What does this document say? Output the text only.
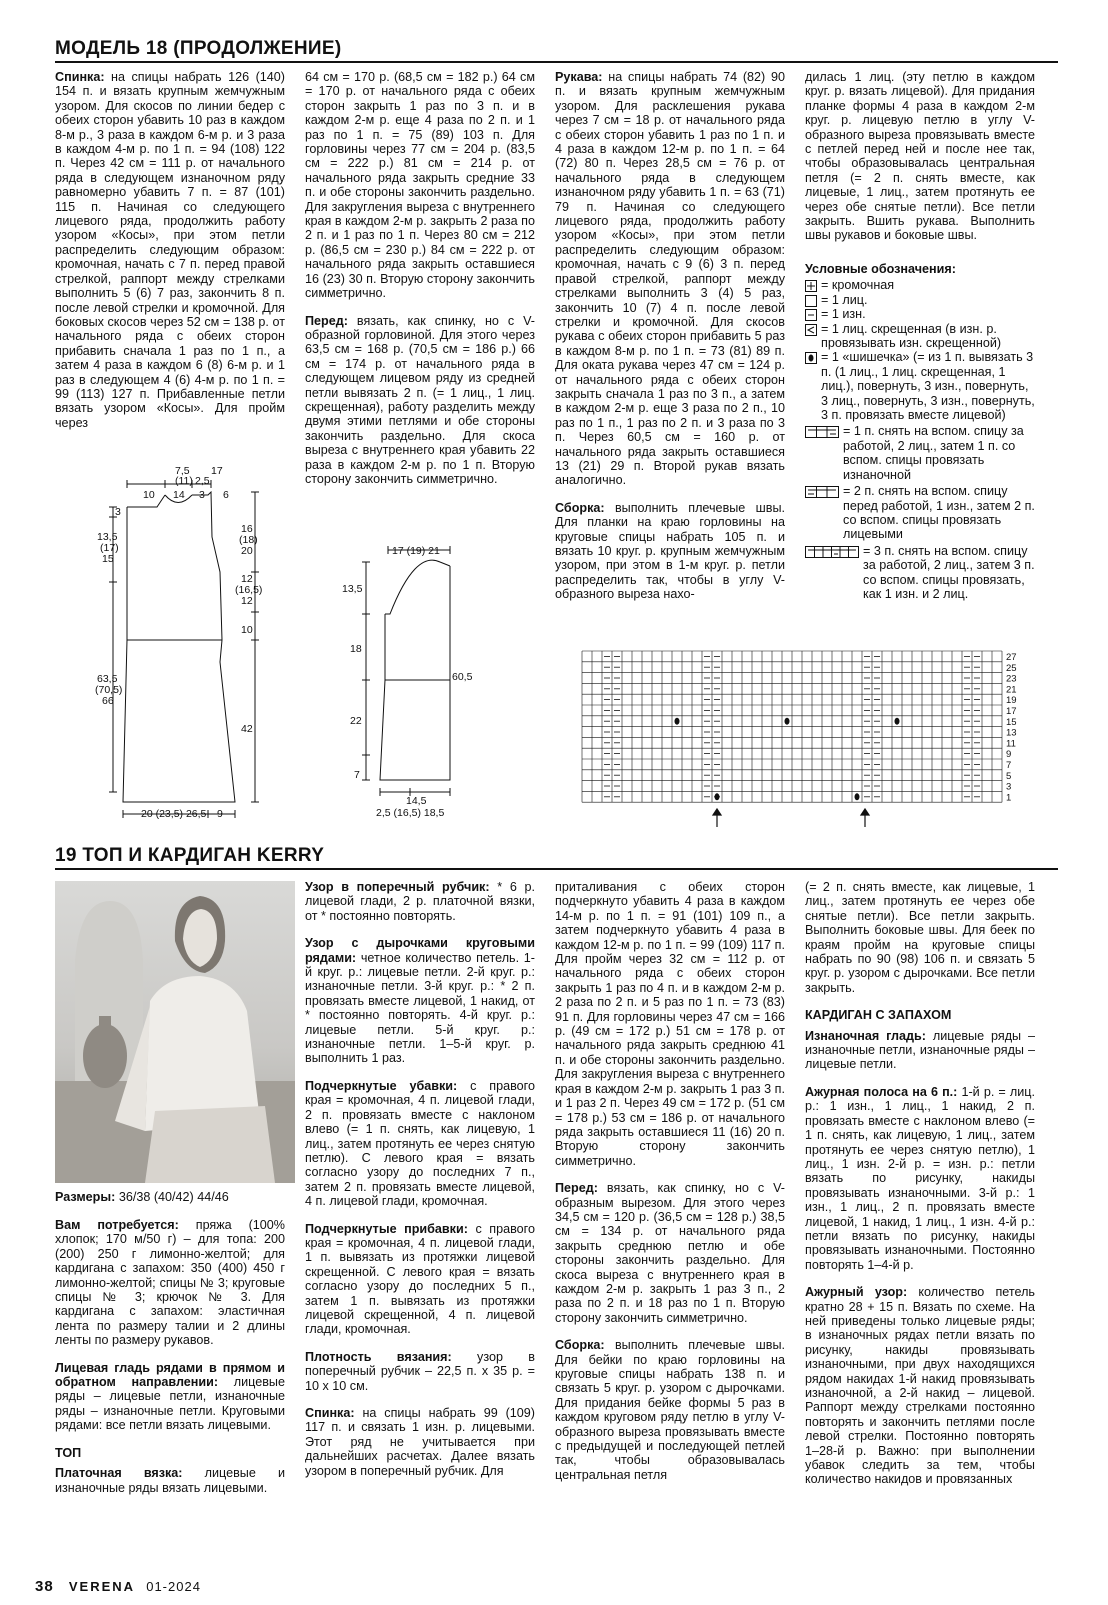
МОДЕЛЬ 18 (ПРОДОЛЖЕНИЕ)

Спинка: на спицы набрать 126 (140) 154 п. и вязать крупным жемчужным узором. Для скосов по линии бедер с обеих сторон убавить 10 раз в каждом 8-м р., 3 раза в каждом 6-м р. и 3 раза в каждом 4-м р. по 1 п. = 94 (108) 122 п. Через 42 см = 111 р. от начального ряда в следующем изнаночном ряду равномерно убавить 7 п. = 87 (101) 115 п. Начиная со следующего лицевого ряда, продолжить работу узором «Косы», при этом петли распределить следующим образом: кромочная, начать с 7 п. перед правой стрелкой, раппорт между стрелками выполнить 5 (6) 7 раз, закончить 8 п. после левой стрелки и кромочной. Для боковых скосов через 52 см = 138 р. от начального ряда с обеих сторон прибавить сначала 1 раз по 1 п., а затем 4 раза в каждом 6 (8) 6-м р. и 1 раз в следующем 4 (6) 4-м р. по 1 п. = 99 (113) 127 п. Прибавленные петли вязать узором «Косы». Для пройм через

64 см = 170 р. (68,5 см = 182 р.) 64 см = 170 р. от начального ряда с обеих сторон закрыть 1 раз по 3 п. и в каждом 2-м р. еще 4 раза по 2 п. и 1 раз по 1 п. = 75 (89) 103 п. Для горловины через 77 см = 204 р. (83,5 см = 222 р.) 81 см = 214 р. от начального ряда закрыть средние 33 п. и обе стороны закончить раздельно. Для закругления выреза с внутреннего края в каждом 2-м р. закрыть 2 раза по 2 п. и 1 раз по 1 п. Через 80 см = 212 р. (86,5 см = 230 р.) 84 см = 222 р. от начального ряда закрыть оставшиеся 16 (23) 30 п. Вторую сторону закончить симметрично.

Перед: вязать, как спинку, но с V-образной горловиной. Для этого через 63,5 см = 168 р. (70,5 см = 186 р.) 66 см = 174 р. от начального ряда в следующем лицевом ряду из средней петли вывязать 2 п. (= 1 лиц., 1 лиц. скрещенная), работу разделить между двумя этими петлями и обе стороны закончить раздельно. Для скоса выреза с внутреннего края убавить 22 раза в каждом 2-м р. по 1 п. Вторую сторону закончить симметрично.

Рукава: на спицы набрать 74 (82) 90 п. и вязать крупным жемчужным узором. Для расклешения рукава через 7 см = 18 р. от начального ряда с обеих сторон убавить 1 раз по 1 п. и 4 раза в каждом 12-м р. по 1 п. = 64 (72) 80 п. Через 28,5 см = 76 р. от начального ряда в следующем изнаночном ряду убавить 1 п. = 63 (71) 79 п. Начиная со следующего лицевого ряда, продолжить работу узором «Косы», при этом петли распределить следующим образом: кромочная, начать с 9 (6) 3 п. перед правой стрелкой, раппорт между стрелками выполнить 3 (4) 5 раз, закончить 10 (7) 4 п. после левой стрелки и кромочной. Для скосов рукава с обеих сторон прибавить 5 раз в каждом 8-м р. по 1 п. = 73 (81) 89 п. Для оката рукава через 47 см = 124 р. от начального ряда с обеих сторон закрыть сначала 1 раз по 3 п., а затем в каждом 2-м р. еще 3 раза по 2 п., 10 раз по 1 п., 1 раз по 2 п. и 3 раза по 3 п. Через 60,5 см = 160 р. от начального ряда закрыть оставшиеся 13 (21) 29 п. Второй рукав вязать аналогично.

Сборка: выполнить плечевые швы. Для планки на краю горловины на круговые спицы набрать 105 п. и вязать 10 круг. р. крупным жемчужным узором, при этом в 1-м круг. р. петли распределить так, чтобы в углу V-образного выреза нахо-

дилась 1 лиц. (эту петлю в каждом круг. р. вязать лицевой). Для придания планке формы 4 раза в каждом 2-м круг. р. лицевую петлю в углу V-образного выреза провязывать вместе с петлей перед ней и после нее так, чтобы образовывалась центральная петля (= 2 п. снять вместе, как лицевые, 1 лиц., затем протянуть ее через обе снятые петли). Все петли закрыть. Вшить рукава. Выполнить швы рукавов и боковые швы.

Условные обозначения:
= кромочная
= 1 лиц.
= 1 изн.
= 1 лиц. скрещенная (в изн. р. провязывать изн. скрещенной)
= 1 «шишечка» (= из 1 п. вывязать 3 п. (1 лиц., 1 лиц. скрещенная, 1 лиц.), повернуть, 3 изн., повернуть, 3 лиц., повернуть, 3 изн., повернуть, 3 п. провязать вместе лицевой)
= 1 п. снять на вспом. спицу за работой, 2 лиц., затем 1 п. со вспом. спицы провязать изнаночной
= 2 п. снять на вспом. спицу перед работой, 1 изн., затем 2 п. со вспом. спицы провязать лицевыми
= 3 п. снять на вспом. спицу за работой, 2 лиц., затем 3 п. со вспом. спицы провязать, как 1 изн. и 2 лиц.
7,5
(11) 2,5
17
10 14 3 6
3
13,5
(17)
15
63,5
(70,5)
66
16
(18)
20
12
(16,5)
12
10
42
20 (23,5) 26,5 9
17 (19) 21
13,5
18
22
7
60,5
14,5
2,5 (16,5) 18,5
27
25
23
21
19
17
15
13
11
9
7
5
3
1
19 ТОП И КАРДИГАН KERRY
Размеры: 36/38 (40/42) 44/46

Вам потребуется: пряжа (100% хлопок; 170 м/50 г) – для топа: 200 (200) 250 г лимонно-желтой; для кардигана с запахом: 350 (400) 450 г лимонно-желтой; спицы № 3; круговые спицы № 3; крючок № 3. Для кардигана с запахом: эластичная лента по размеру талии и 2 длины ленты по размеру рукавов.

Лицевая гладь рядами в прямом и обратном направлении: лицевые ряды – лицевые петли, изнаночные ряды – изнаночные петли. Круговыми рядами: все петли вязать лицевыми.

ТОП

Платочная вязка: лицевые и изнаночные ряды вязать лицевыми.

Узор в поперечный рубчик: * 6 р. лицевой глади, 2 р. платочной вязки, от * постоянно повторять.

Узор с дырочками круговыми рядами: четное количество петель. 1-й круг. р.: лицевые петли. 2-й круг. р.: изнаночные петли. 3-й круг. р.: * 2 п. провязать вместе лицевой, 1 накид, от * постоянно повторять. 4-й круг. р.: лицевые петли. 5-й круг. р.: изнаночные петли. 1–5-й круг. р. выполнить 1 раз.

Подчеркнутые убавки: с правого края = кромочная, 4 п. лицевой глади, 2 п. провязать вместе с наклоном влево (= 1 п. снять, как лицевую, 1 лиц., затем протянуть ее через снятую петлю). С левого края = вязать согласно узору до последних 7 п., затем 2 п. провязать вместе лицевой, 4 п. лицевой глади, кромочная.

Подчеркнутые прибавки: с правого края = кромочная, 4 п. лицевой глади, 1 п. вывязать из протяжки лицевой скрещенной. С левого края = вязать согласно узору до последних 5 п., затем 1 п. вывязать из протяжки лицевой скрещенной, 4 п. лицевой глади, кромочная.

Плотность вязания: узор в поперечный рубчик – 22,5 п. х 35 р. = 10 х 10 см.

Спинка: на спицы набрать 99 (109) 117 п. и связать 1 изн. р. лицевыми. Этот ряд не учитывается при дальнейших расчетах. Далее вязать узором в поперечный рубчик. Для

приталивания с обеих сторон подчеркнуто убавить 4 раза в каждом 14-м р. по 1 п. = 91 (101) 109 п., а затем подчеркнуто убавить 4 раза в каждом 12-м р. по 1 п. = 99 (109) 117 п. Для пройм через 32 см = 112 р. от начального ряда с обеих сторон закрыть 1 раз по 4 п. и в каждом 2-м р. 2 раза по 2 п. и 5 раз по 1 п. = 73 (83) 91 п. Для горловины через 47 см = 166 р. (49 см = 172 р.) 51 см = 178 р. от начального ряда закрыть среднюю 41 п. и обе стороны закончить раздельно. Для закругления выреза с внутреннего края в каждом 2-м р. закрыть 1 раз 3 п. и 1 раз 2 п. Через 49 см = 172 р. (51 см = 178 р.) 53 см = 186 р. от начального ряда закрыть оставшиеся 11 (16) 20 п. Вторую сторону закончить симметрично.

Перед: вязать, как спинку, но с V-образным вырезом. Для этого через 34,5 см = 120 р. (36,5 см = 128 р.) 38,5 см = 134 р. от начального ряда закрыть среднюю петлю и обе стороны закончить раздельно. Для скоса выреза с внутреннего края в каждом 2-м р. закрыть 1 раз 3 п., 2 раза по 2 п. и 18 раз по 1 п. Вторую сторону закончить симметрично.

Сборка: выполнить плечевые швы. Для бейки по краю горловины на круговые спицы набрать 138 п. и связать 5 круг. р. узором с дырочками. Для придания бейке формы 5 раз в каждом круговом ряду петлю в углу V-образного выреза провязывать вместе с предыдущей и последующей петлей так, чтобы образовывалась центральная петля

(= 2 п. снять вместе, как лицевые, 1 лиц., затем протянуть ее через обе снятые петли). Все петли закрыть. Выполнить боковые швы. Для беек по краям пройм на круговые спицы набрать по 90 (98) 106 п. и связать 5 круг. р. узором с дырочками. Все петли закрыть.

КАРДИГАН С ЗАПАХОМ

Изнаночная гладь: лицевые ряды – изнаночные петли, изнаночные ряды – лицевые петли.

Ажурная полоса на 6 п.: 1-й р. = лиц. р.: 1 изн., 1 лиц., 1 накид, 2 п. провязать вместе с наклоном влево (= 1 п. снять, как лицевую, 1 лиц., затем протянуть ее через снятую петлю), 1 лиц., 1 изн. 2-й р. = изн. р.: петли вязать по рисунку, накиды провязывать изнаночными. 3-й р.: 1 изн., 1 лиц., 2 п. провязать вместе лицевой, 1 накид, 1 лиц., 1 изн. 4-й р.: петли вязать по рисунку, накиды провязывать изнаночными. Постоянно повторять 1–4-й р.

Ажурный узор: количество петель кратно 28 + 15 п. Вязать по схеме. На ней приведены только лицевые ряды; в изнаночных рядах петли вязать по рисунку, накиды провязывать изнаночными, при двух находящихся рядом накидах 1-й накид провязывать изнаночной, а 2-й накид – лицевой. Раппорт между стрелками постоянно повторять и закончить петлями после левой стрелки. Постоянно повторять 1–28-й р. Важно: при выполнении убавок следить за тем, чтобы количество накидов и провязанных

38 VERENA 01-2024
